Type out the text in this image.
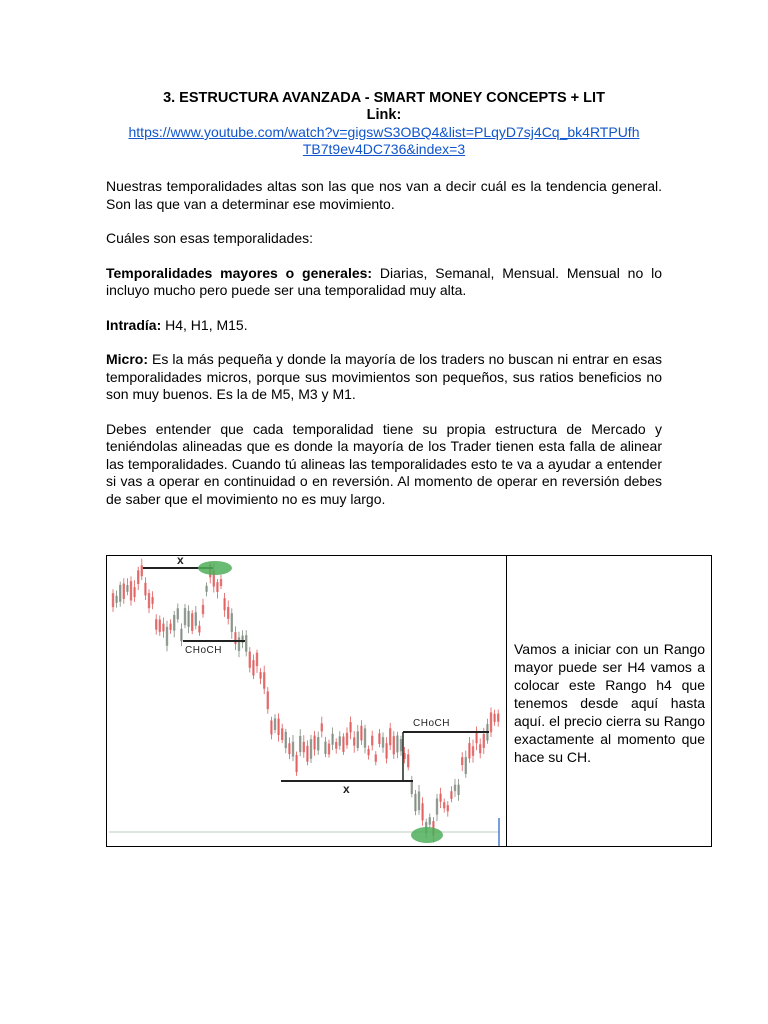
3. ESTRUCTURA AVANZADA - SMART MONEY CONCEPTS + LIT
Link:
https://www.youtube.com/watch?v=gigswS3OBQ4&list=PLqyD7sj4Cq_bk4RTPUfh
TB7t9ev4DC736&index=3

Nuestras temporalidades altas son las que nos van a decir cuál es la tendencia general. Son las que van a determinar ese movimiento.

Cuáles son esas temporalidades:

Temporalidades mayores o generales: Diarias, Semanal, Mensual. Mensual no lo incluyo mucho pero puede ser una temporalidad muy alta.

Intradía: H4, H1, M15.

Micro: Es la más pequeña y donde la mayoría de los traders no buscan ni entrar en esas temporalidades micros, porque sus movimientos son pequeños, sus ratios beneficios no son muy buenos. Es la de M5, M3 y M1.

Debes entender que cada temporalidad tiene su propia estructura de Mercado y teniéndolas alineadas que es donde la mayoría de los Trader tienen esta falla de alinear las temporalidades. Cuando tú alineas las temporalidades esto te va a ayudar a entender si vas a operar en continuidad o en reversión. Al momento de operar en reversión debes de saber que el movimiento no es muy largo.

x
x
CHoCH
CHoCH

Vamos a iniciar con un Rango mayor puede ser H4 vamos a colocar este Rango h4 que tenemos desde aquí hasta aquí. el precio cierra su Rango exactamente al momento que hace su CH.
